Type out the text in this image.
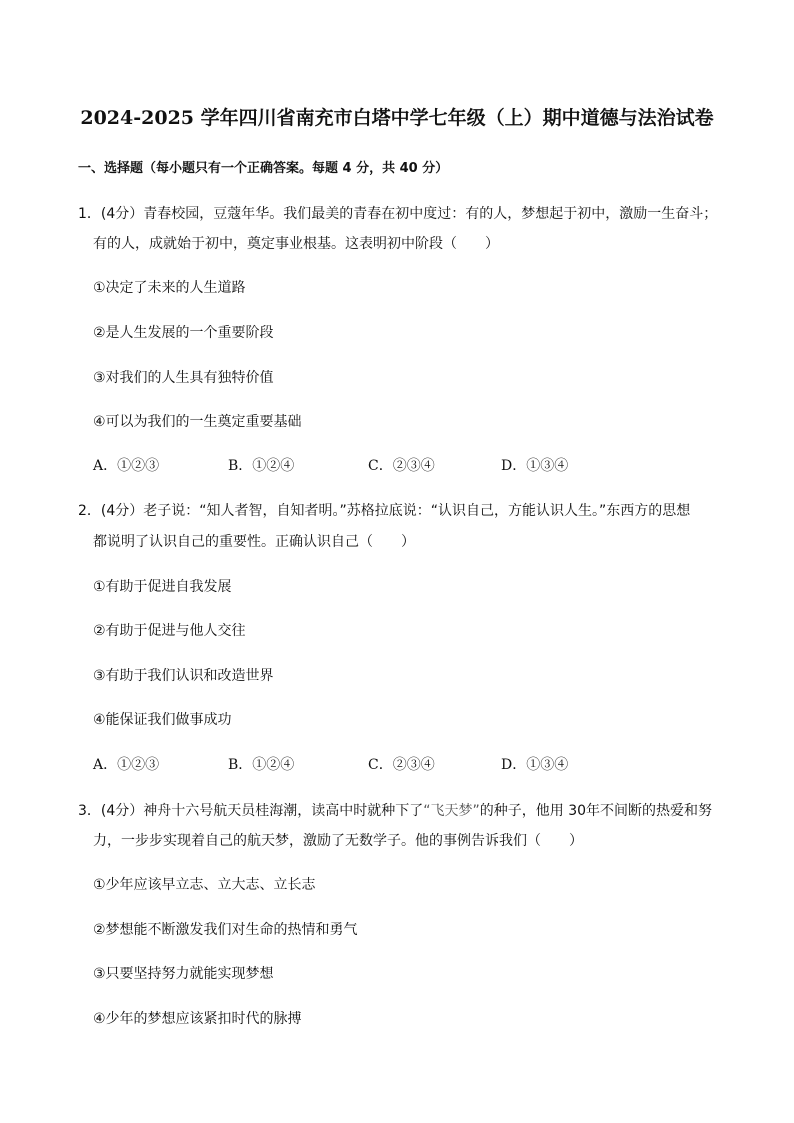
2024-2025 学年四川省南充市白塔中学七年级（上）期中道德与法治试卷
一、选择题（每小题只有一个正确答案。每题 4 分，共 40 分）
1．(4分）青春校园，豆蔻年华。我们最美的青春在初中度过：有的人，梦想起于初中，激励一生奋斗；
有的人，成就始于初中，奠定事业根基。这表明初中阶段（　　）
①决定了未来的人生道路
②是人生发展的一个重要阶段
③对我们的人生具有独特价值
④可以为我们的一生奠定重要基础
A．①②③	B．①②④	C．②③④	D．①③④
2．(4分）老子说：“知人者智，自知者明。”苏格拉底说：“认识自己，方能认识人生。”东西方的思想
都说明了认识自己的重要性。正确认识自己（　　）
①有助于促进自我发展
②有助于促进与他人交往
③有助于我们认识和改造世界
④能保证我们做事成功
A．①②③	B．①②④	C．②③④	D．①③④
3．(4分）神舟十六号航天员桂海潮，读高中时就种下了“飞天梦”的种子，他用 30年不间断的热爱和努
力，一步步实现着自己的航天梦，激励了无数学子。他的事例告诉我们（　　）
①少年应该早立志、立大志、立长志
②梦想能不断激发我们对生命的热情和勇气
③只要坚持努力就能实现梦想
④少年的梦想应该紧扣时代的脉搏
